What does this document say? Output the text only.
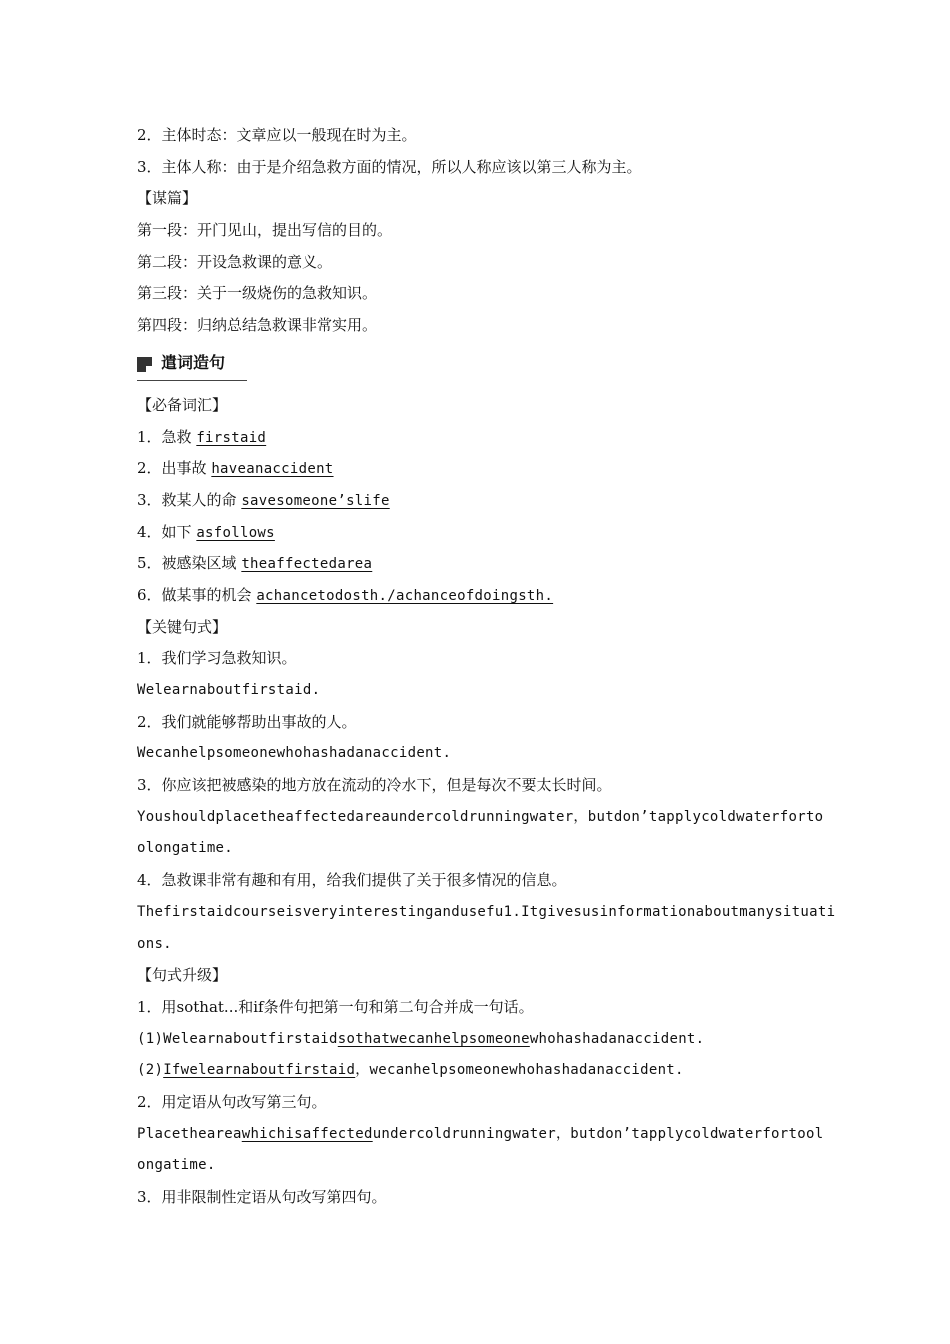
2．主体时态：文章应以一般现在时为主。
3．主体人称：由于是介绍急救方面的情况，所以人称应该以第三人称为主。
【谋篇】
第一段：开门见山，提出写信的目的。
第二段：开设急救课的意义。
第三段：关于一级烧伤的急救知识。
第四段：归纳总结急救课非常实用。
遣词造句
【必备词汇】
1．急救 firstaid
2．出事故 haveanaccident
3．救某人的命 savesomeone’slife
4．如下 asfollows
5．被感染区域 theaffectedarea
6．做某事的机会 achancetodosth./achanceofdoingsth.
【关键句式】
1．我们学习急救知识。
Welearnaboutfirstaid.
2．我们就能够帮助出事故的人。
Wecanhelpsomeonewhohashadanaccident.
3．你应该把被感染的地方放在流动的冷水下，但是每次不要太长时间。
Youshouldplacetheaffectedareaundercoldrunningwater，butdon’tapplycoldwaterforto
olongatime.
4．急救课非常有趣和有用，给我们提供了关于很多情况的信息。
Thefirstaidcourseisveryinterestingandusefu1.Itgivesusinformationaboutmanysituati
ons.
【句式升级】
1．用sothat...和if条件句把第一句和第二句合并成一句话。
(1)Welearnaboutfirstaidsothatwecanhelpsomeonewhohashadanaccident.
(2)Ifwelearnaboutfirstaid，wecanhelpsomeonewhohashadanaccident.
2．用定语从句改写第三句。
Placetheareawhichisaffectedundercoldrunningwater，butdon’tapplycoldwaterfortool
ongatime.
3．用非限制性定语从句改写第四句。
